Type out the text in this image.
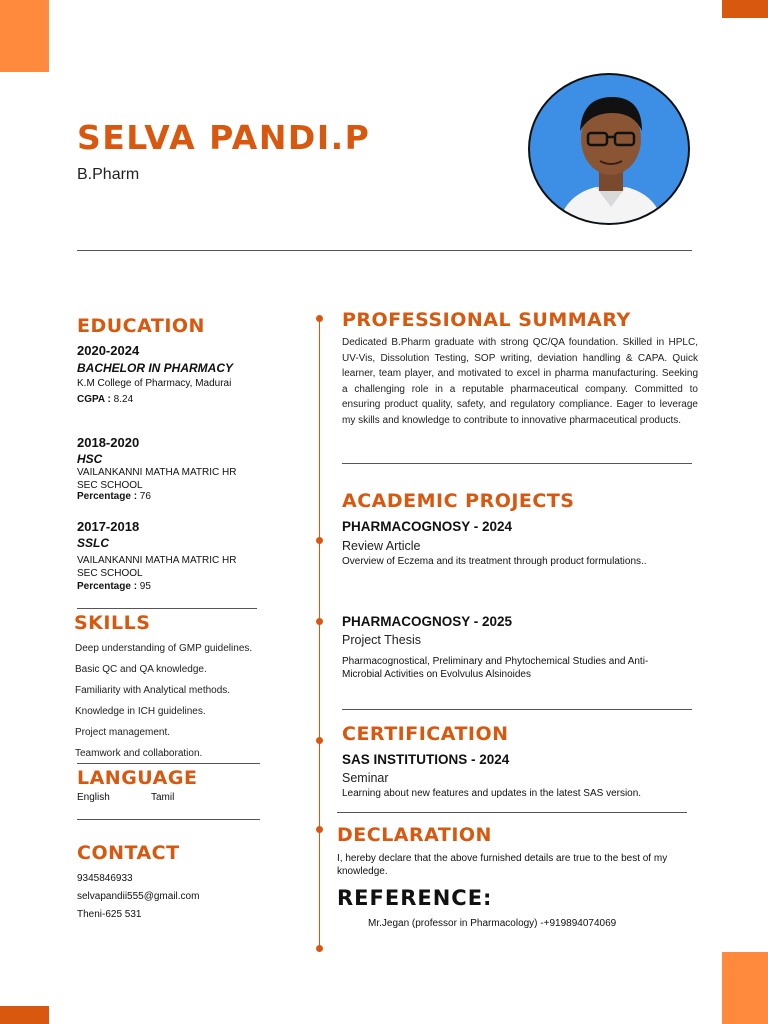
SELVA PANDI.P
B.Pharm
EDUCATION
2020-2024
BACHELOR IN PHARMACY
K.M College of Pharmacy, Madurai
CGPA : 8.24
2018-2020
HSC
VAILANKANNI MATHA MATRIC HR SEC SCHOOL
Percentage : 76
2017-2018
SSLC
VAILANKANNI MATHA MATRIC HR SEC SCHOOL
Percentage : 95
SKILLS
Deep understanding of GMP guidelines.
Basic QC and QA knowledge.
Familiarity with Analytical methods.
Knowledge in ICH guidelines.
Project management.
Teamwork and collaboration.
LANGUAGE
English	Tamil
CONTACT
9345846933
selvapandii555@gmail.com
Theni-625 531
PROFESSIONAL SUMMARY
Dedicated B.Pharm graduate with strong QC/QA foundation. Skilled in HPLC, UV-Vis, Dissolution Testing, SOP writing, deviation handling & CAPA. Quick learner, team player, and motivated to excel in pharma manufacturing. Seeking a challenging role in a reputable pharmaceutical company. Committed to ensuring product quality, safety, and regulatory compliance. Eager to leverage my skills and knowledge to contribute to innovative pharmaceutical products.
ACADEMIC PROJECTS
PHARMACOGNOSY - 2024
Review Article
Overview of Eczema and its treatment through product formulations..
PHARMACOGNOSY - 2025
Project Thesis
Pharmacognostical, Preliminary and Phytochemical Studies and Anti-Microbial Activities on Evolvulus Alsinoides
CERTIFICATION
SAS INSTITUTIONS - 2024
Seminar
Learning about new features and updates in the latest SAS version.
DECLARATION
I, hereby declare that the above furnished details are true to the best of my knowledge.
REFERENCE:
Mr.Jegan (professor in Pharmacology) -+919894074069
